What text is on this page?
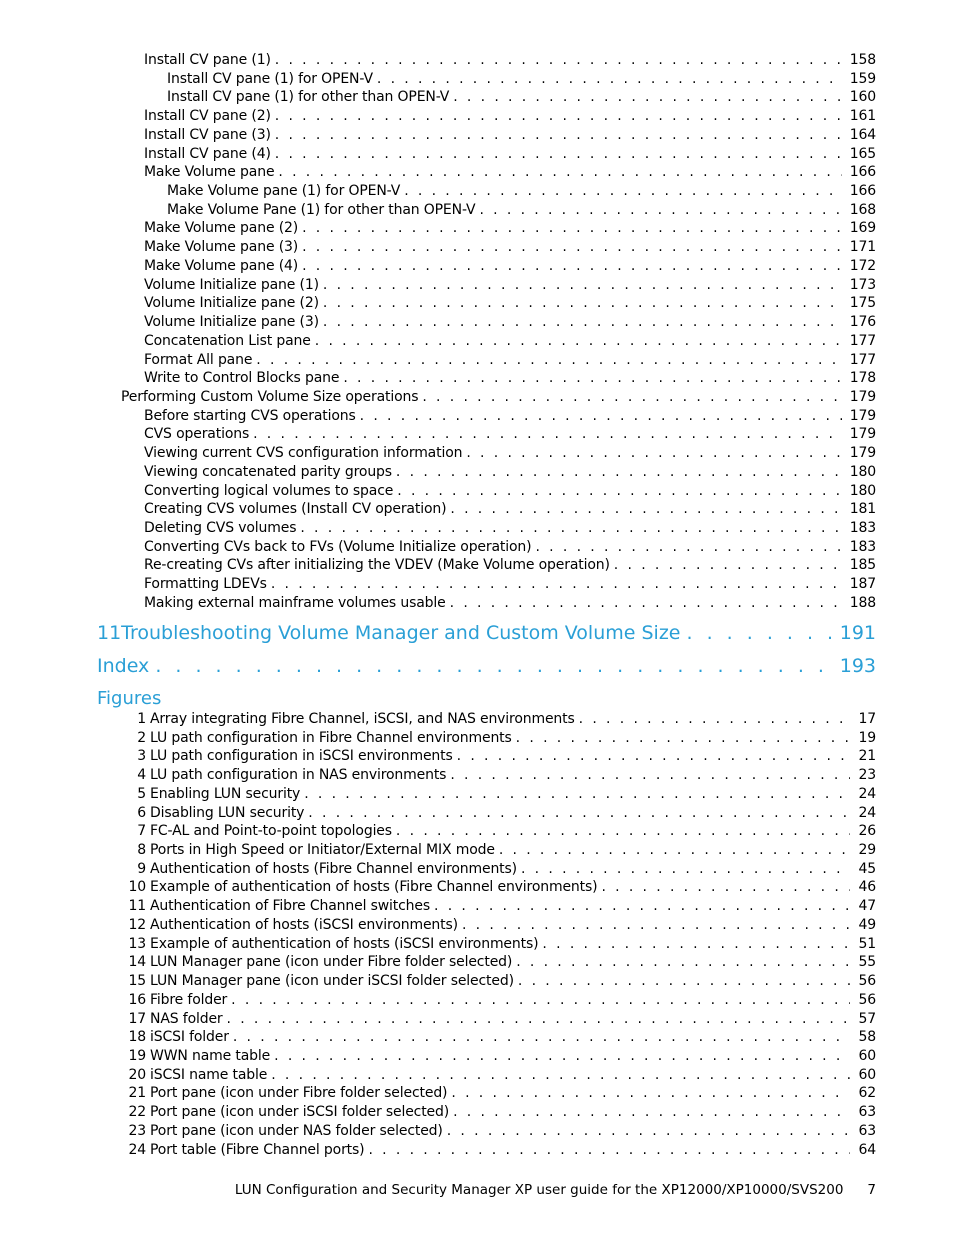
Install CV pane (1) . . .	158
Install CV pane (1) for OPEN-V . . .	159
Install CV pane (1) for other than OPEN-V . . .	160
Install CV pane (2) . . .	161
Install CV pane (3) . . .	164
Install CV pane (4) . . .	165
Make Volume pane . . .	166
Make Volume pane (1) for OPEN-V . . .	166
Make Volume Pane (1) for other than OPEN-V . . .	168
Make Volume pane (2) . . .	169
Make Volume pane (3) . . .	171
Make Volume pane (4) . . .	172
Volume Initialize pane (1) . . .	173
Volume Initialize pane (2) . . .	175
Volume Initialize pane (3) . . .	176
Concatenation List pane . . .	177
Format All pane . . .	177
Write to Control Blocks pane . . .	178
Performing Custom Volume Size operations . . .	179
Before starting CVS operations . . .	179
CVS operations . . .	179
Viewing current CVS configuration information . . .	179
Viewing concatenated parity groups . . .	180
Converting logical volumes to space . . .	180
Creating CVS volumes (Install CV operation) . . .	181
Deleting CVS volumes . . .	183
Converting CVs back to FVs (Volume Initialize operation) . . .	183
Re-creating CVs after initializing the VDEV (Make Volume operation) . . .	185
Formatting LDEVs . . .	187
Making external mainframe volumes usable . . .	188
11Troubleshooting Volume Manager and Custom Volume Size . . .	191
Index . . .	193
Figures
1 Array integrating Fibre Channel, iSCSI, and NAS environments . . .	17
2 LU path configuration in Fibre Channel environments . . .	19
3 LU path configuration in iSCSI environments . . .	21
4 LU path configuration in NAS environments . . .	23
5 Enabling LUN security . . .	24
6 Disabling LUN security . . .	24
7 FC-AL and Point-to-point topologies . . .	26
8 Ports in High Speed or Initiator/External MIX mode . . .	29
9 Authentication of hosts (Fibre Channel environments) . . .	45
10 Example of authentication of hosts (Fibre Channel environments) . . .	46
11 Authentication of Fibre Channel switches . . .	47
12 Authentication of hosts (iSCSI environments) . . .	49
13 Example of authentication of hosts (iSCSI environments) . . .	51
14 LUN Manager pane (icon under Fibre folder selected) . . .	55
15 LUN Manager pane (icon under iSCSI folder selected) . . .	56
16 Fibre folder . . .	56
17 NAS folder . . .	57
18 iSCSI folder . . .	58
19 WWN name table . . .	60
20 iSCSI name table . . .	60
21 Port pane (icon under Fibre folder selected) . . .	62
22 Port pane (icon under iSCSI folder selected) . . .	63
23 Port pane (icon under NAS folder selected) . . .	63
24 Port table (Fibre Channel ports) . . .	64
LUN Configuration and Security Manager XP user guide for the XP12000/XP10000/SVS200	7
